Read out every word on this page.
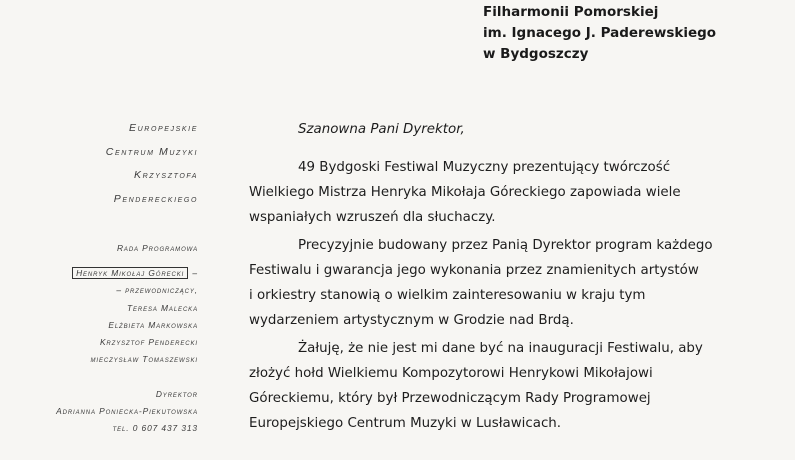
Filharmonii Pomorskiej
im. Ignacego J. Paderewskiego
w Bydgoszczy
Europejskie
Centrum Muzyki
Krzysztofa
Pendereckiego
Rada Programowa
Henryk Mikołaj Górecki –
– przewodniczący,
Teresa Malecka
Elżbieta Markowska
Krzysztof Penderecki
mieczysław Tomaszewski
Dyrektor
Adrianna Poniecka-Piekutowska
tel. 0 607 437 313
Szanowna Pani Dyrektor,
49 Bydgoski Festiwal Muzyczny prezentujący twórczość
Wielkiego Mistrza Henryka Mikołaja Góreckiego zapowiada wiele
wspaniałych wzruszeń dla słuchaczy.
Precyzyjnie budowany przez Panią Dyrektor program każdego
Festiwalu i gwarancja jego wykonania przez znamienitych artystów
i orkiestry stanowią o wielkim zainteresowaniu w kraju tym
wydarzeniem artystycznym w Grodzie nad Brdą.
Żałuję, że nie jest mi dane być na inauguracji Festiwalu, aby
złożyć hołd Wielkiemu Kompozytorowi Henrykowi Mikołajowi
Góreckiemu, który był Przewodniczącym Rady Programowej
Europejskiego Centrum Muzyki w Lusławicach.
